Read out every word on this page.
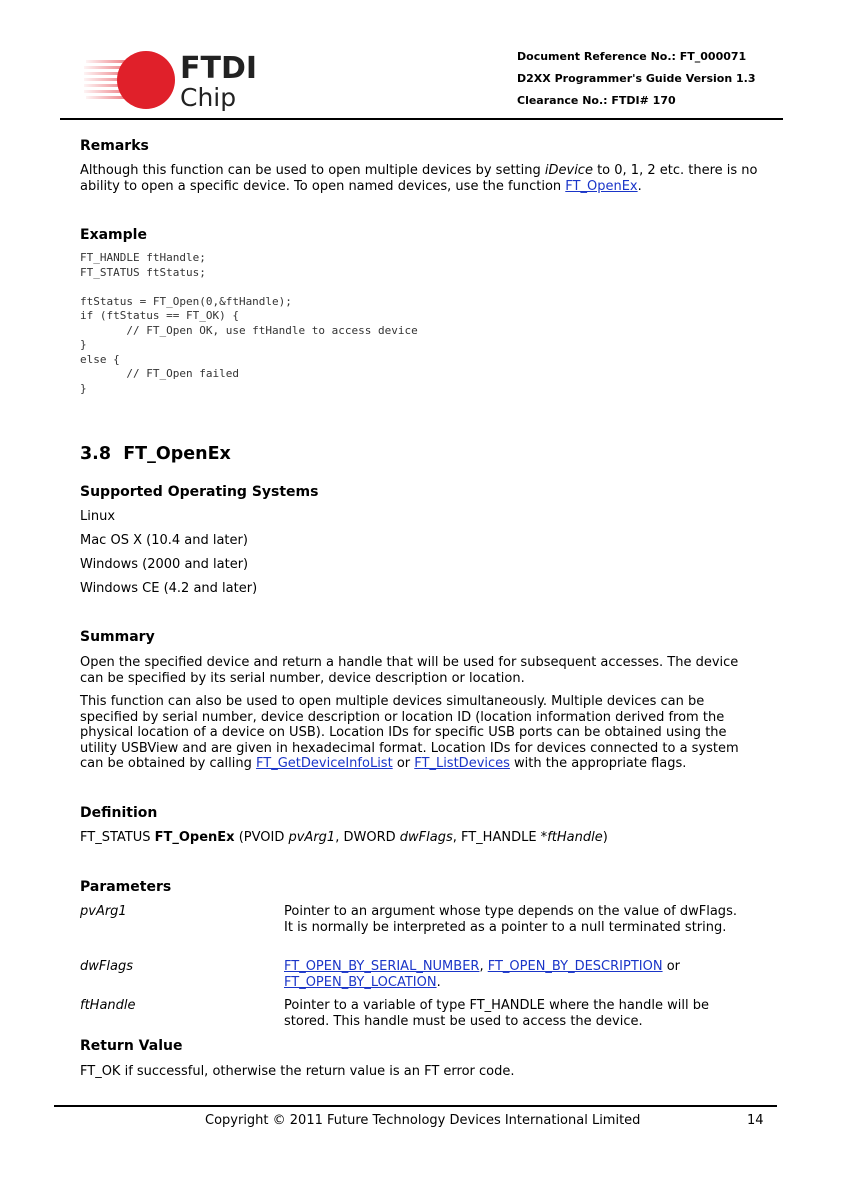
FTDI
Chip
Document Reference No.: FT_000071
D2XX Programmer's Guide Version 1.3
Clearance No.: FTDI# 170
Remarks

Although this function can be used to open multiple devices by setting iDevice to 0, 1, 2 etc. there is no ability to open a specific device. To open named devices, use the function FT_OpenEx.

Example
FT_HANDLE ftHandle;
FT_STATUS ftStatus;

ftStatus = FT_Open(0,&ftHandle);
if (ftStatus == FT_OK) {
// FT_Open OK, use ftHandle to access device
}
else {
// FT_Open failed
}
3.8 FT_OpenEx
Supported Operating Systems
Linux
Mac OS X (10.4 and later)
Windows (2000 and later)
Windows CE (4.2 and later)
Summary

Open the specified device and return a handle that will be used for subsequent accesses. The device can be specified by its serial number, device description or location.

This function can also be used to open multiple devices simultaneously. Multiple devices can be specified by serial number, device description or location ID (location information derived from the physical location of a device on USB). Location IDs for specific USB ports can be obtained using the utility USBView and are given in hexadecimal format. Location IDs for devices connected to a system can be obtained by calling FT_GetDeviceInfoList or FT_ListDevices with the appropriate flags.

Definition

FT_STATUS FT_OpenEx (PVOID pvArg1, DWORD dwFlags, FT_HANDLE *ftHandle)

Parameters
pvArg1	Pointer to an argument whose type depends on the value of dwFlags. It is normally be interpreted as a pointer to a null terminated string.
dwFlags	FT_OPEN_BY_SERIAL_NUMBER, FT_OPEN_BY_DESCRIPTION or FT_OPEN_BY_LOCATION.
ftHandle	Pointer to a variable of type FT_HANDLE where the handle will be stored. This handle must be used to access the device.
Return Value

FT_OK if successful, otherwise the return value is an FT error code.

Copyright © 2011 Future Technology Devices International Limited	14
